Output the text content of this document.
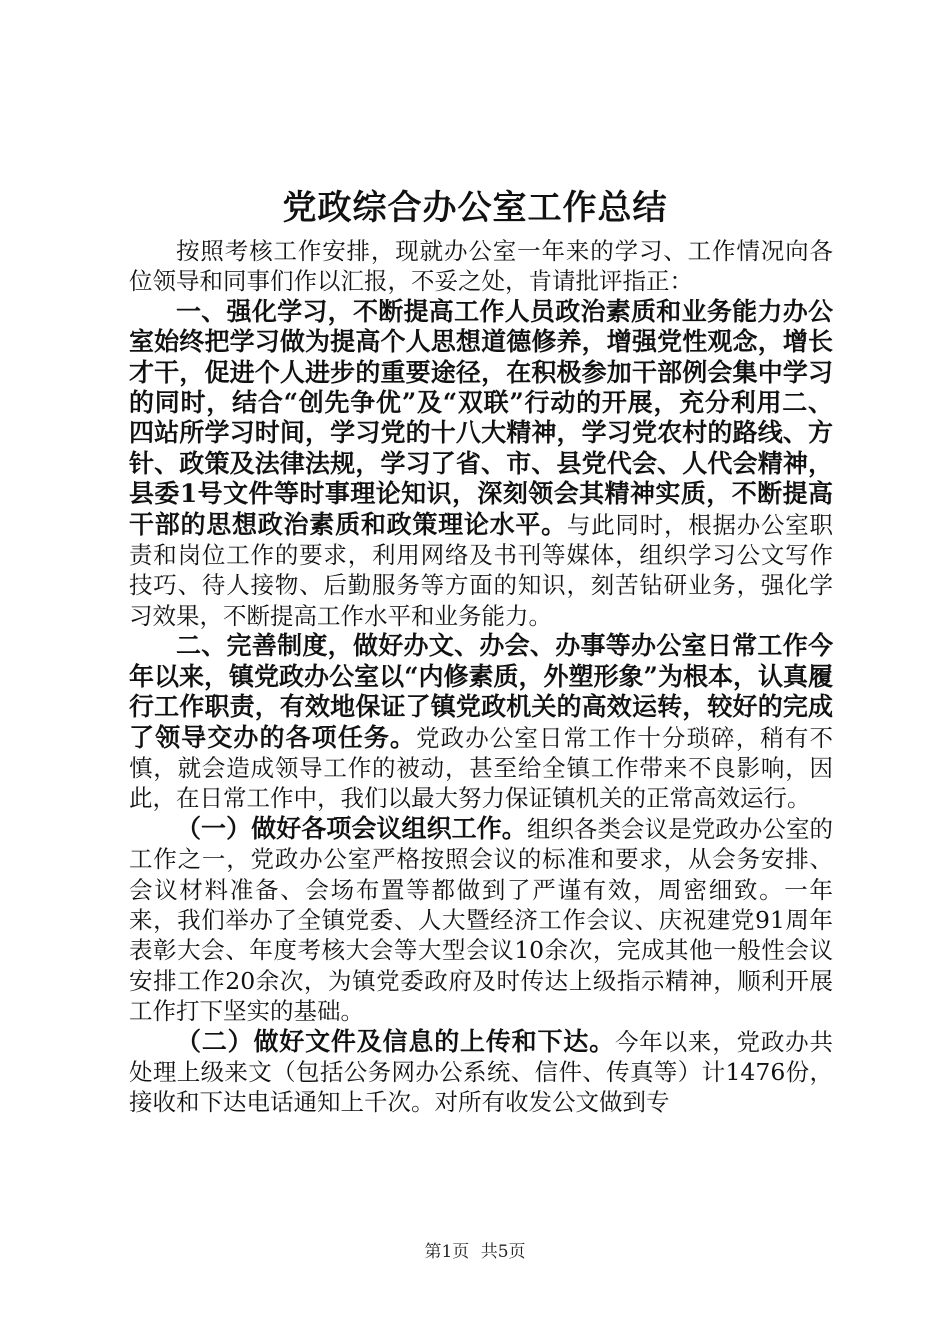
党政综合办公室工作总结

按照考核工作安排，现就办公室一年来的学习、工作情况向各位领导和同事们作以汇报，不妥之处，肯请批评指正：

一、强化学习，不断提高工作人员政治素质和业务能力办公室始终把学习做为提高个人思想道德修养，增强党性观念，增长才干，促进个人进步的重要途径，在积极参加干部例会集中学习的同时，结合“创先争优”及“双联”行动的开展，充分利用二、四站所学习时间，学习党的十八大精神，学习党农村的路线、方针、政策及法律法规，学习了省、市、县党代会、人代会精神，县委1号文件等时事理论知识，深刻领会其精神实质，不断提高干部的思想政治素质和政策理论水平。与此同时，根据办公室职责和岗位工作的要求，利用网络及书刊等媒体，组织学习公文写作技巧、待人接物、后勤服务等方面的知识，刻苦钻研业务，强化学习效果，不断提高工作水平和业务能力。

二、完善制度，做好办文、办会、办事等办公室日常工作今年以来，镇党政办公室以“内修素质，外塑形象”为根本，认真履行工作职责，有效地保证了镇党政机关的高效运转，较好的完成了领导交办的各项任务。党政办公室日常工作十分琐碎，稍有不慎，就会造成领导工作的被动，甚至给全镇工作带来不良影响，因此，在日常工作中，我们以最大努力保证镇机关的正常高效运行。

（一）做好各项会议组织工作。组织各类会议是党政办公室的工作之一，党政办公室严格按照会议的标准和要求，从会务安排、会议材料准备、会场布置等都做到了严谨有效，周密细致。一年来，我们举办了全镇党委、人大暨经济工作会议、庆祝建党91周年表彰大会、年度考核大会等大型会议10余次，完成其他一般性会议安排工作20余次，为镇党委政府及时传达上级指示精神，顺利开展工作打下坚实的基础。

（二）做好文件及信息的上传和下达。今年以来，党政办共处理上级来文（包括公务网办公系统、信件、传真等）计1476份，接收和下达电话通知上千次。对所有收发公文做到专

第1页 共5页
